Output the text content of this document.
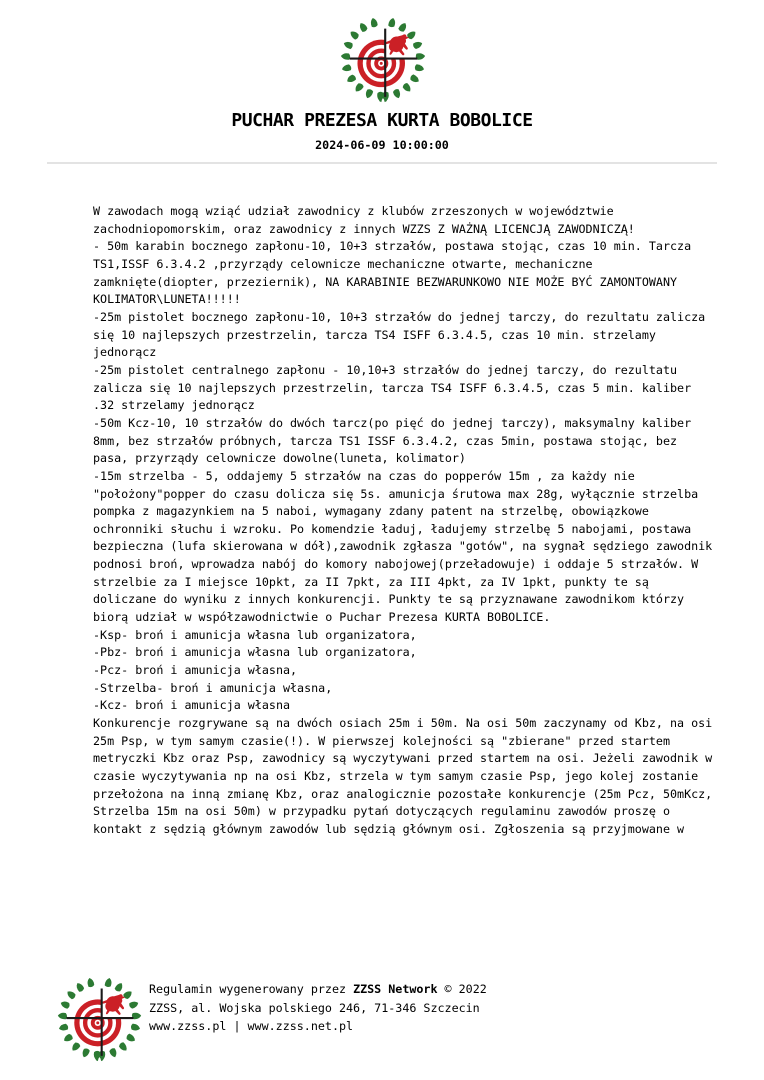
PUCHAR PREZESA KURTA BOBOLICE
2024-06-09 10:00:00
W zawodach mogą wziąć udział zawodnicy z klubów zrzeszonych w województwie
zachodniopomorskim, oraz zawodnicy z innych WZZS Z WAŻNĄ LICENCJĄ ZAWODNICZĄ!
- 50m karabin bocznego zapłonu-10, 10+3 strzałów, postawa stojąc, czas 10 min. Tarcza
TS1,ISSF 6.3.4.2 ,przyrządy celownicze mechaniczne otwarte, mechaniczne
zamknięte(diopter, przeziernik), NA KARABINIE BEZWARUNKOWO NIE MOŻE BYĆ ZAMONTOWANY
KOLIMATOR\LUNETA!!!!!
-25m pistolet bocznego zapłonu-10, 10+3 strzałów do jednej tarczy, do rezultatu zalicza
się 10 najlepszych przestrzelin, tarcza TS4 ISFF 6.3.4.5, czas 10 min. strzelamy
jednorącz
-25m pistolet centralnego zapłonu - 10,10+3 strzałów do jednej tarczy, do rezultatu
zalicza się 10 najlepszych przestrzelin, tarcza TS4 ISFF 6.3.4.5, czas 5 min. kaliber
.32 strzelamy jednorącz
-50m Kcz-10, 10 strzałów do dwóch tarcz(po pięć do jednej tarczy), maksymalny kaliber
8mm, bez strzałów próbnych, tarcza TS1 ISSF 6.3.4.2, czas 5min, postawa stojąc, bez
pasa, przyrządy celownicze dowolne(luneta, kolimator)
-15m strzelba - 5, oddajemy 5 strzałów na czas do popperów 15m , za każdy nie
"położony"popper do czasu dolicza się 5s. amunicja śrutowa max 28g, wyłącznie strzelba
pompka z magazynkiem na 5 naboi, wymagany zdany patent na strzelbę, obowiązkowe
ochronniki słuchu i wzroku. Po komendzie ładuj, ładujemy strzelbę 5 nabojami, postawa
bezpieczna (lufa skierowana w dół),zawodnik zgłasza "gotów", na sygnał sędziego zawodnik
podnosi broń, wprowadza nabój do komory nabojowej(przeładowuje) i oddaje 5 strzałów. W
strzelbie za I miejsce 10pkt, za II 7pkt, za III 4pkt, za IV 1pkt, punkty te są
doliczane do wyniku z innych konkurencji. Punkty te są przyznawane zawodnikom którzy
biorą udział w współzawodnictwie o Puchar Prezesa KURTA BOBOLICE.
-Ksp- broń i amunicja własna lub organizatora,
-Pbz- broń i amunicja własna lub organizatora,
-Pcz- broń i amunicja własna,
-Strzelba- broń i amunicja własna,
-Kcz- broń i amunicja własna
Konkurencje rozgrywane są na dwóch osiach 25m i 50m. Na osi 50m zaczynamy od Kbz, na osi
25m Psp, w tym samym czasie(!). W pierwszej kolejności są "zbierane" przed startem
metryczki Kbz oraz Psp, zawodnicy są wyczytywani przed startem na osi. Jeżeli zawodnik w
czasie wyczytywania np na osi Kbz, strzela w tym samym czasie Psp, jego kolej zostanie
przełożona na inną zmianę Kbz, oraz analogicznie pozostałe konkurencje (25m Pcz, 50mKcz,
Strzelba 15m na osi 50m) w przypadku pytań dotyczących regulaminu zawodów proszę o
kontakt z sędzią głównym zawodów lub sędzią głównym osi. Zgłoszenia są przyjmowane w
Regulamin wygenerowany przez ZZSS Network © 2022
ZZSS, al. Wojska polskiego 246, 71-346 Szczecin
www.zzss.pl | www.zzss.net.pl
